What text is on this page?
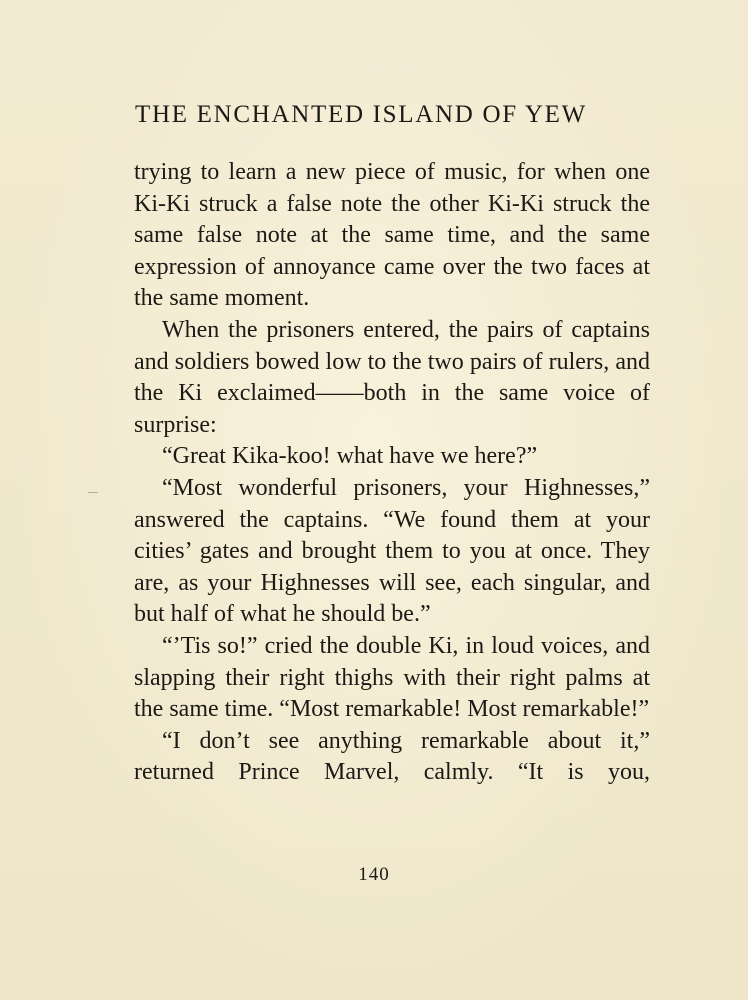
THE ENCHANTED ISLAND OF YEW

trying to learn a new piece of music, for when one Ki-Ki struck a false note the other Ki-Ki struck the same false note at the same time, and the same expression of annoyance came over the two faces at the same moment.

When the prisoners entered, the pairs of captains and soldiers bowed low to the two pairs of rulers, and the Ki exclaimed——both in the same voice of surprise:

“Great Kika-koo! what have we here?”

“Most wonderful prisoners, your Highnesses,” answered the captains. “We found them at your cities’ gates and brought them to you at once. They are, as your Highnesses will see, each singular, and but half of what he should be.”

“’Tis so!” cried the double Ki, in loud voices, and slapping their right thighs with their right palms at the same time. “Most remarkable! Most remarkable!”

“I don’t see anything remarkable about it,” returned Prince Marvel, calmly. “It is you,

140
